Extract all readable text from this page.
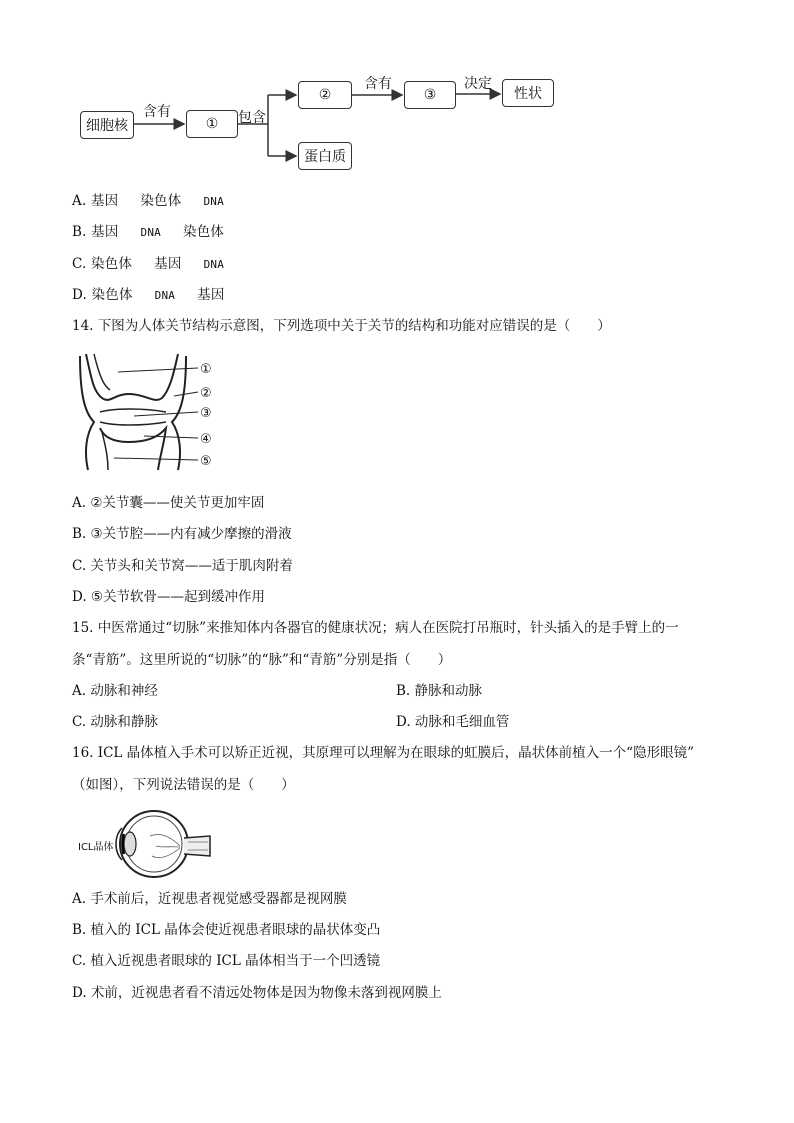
细胞核	①
②	③	性状
蛋白质
含有	包含
含有	决定
A. 基因 染色体 DNA
B. 基因 DNA 染色体
C. 染色体 基因 DNA
D. 染色体 DNA 基因
14. 下图为人体关节结构示意图，下列选项中关于关节的结构和功能对应错误的是（　　）
①
②
③
④
⑤
A. ②关节囊——使关节更加牢固
B. ③关节腔——内有减少摩擦的滑液
C. 关节头和关节窝——适于肌肉附着
D. ⑤关节软骨——起到缓冲作用
15. 中医常通过“切脉”来推知体内各器官的健康状况；病人在医院打吊瓶时，针头插入的是手臂上的一
条“青筋”。这里所说的“切脉”的“脉”和“青筋”分别是指（　　）
A. 动脉和神经	B. 静脉和动脉
C. 动脉和静脉	D. 动脉和毛细血管
16. ICL 晶体植入手术可以矫正近视，其原理可以理解为在眼球的虹膜后，晶状体前植入一个“隐形眼镜”
（如图），下列说法错误的是（　　）
ICL晶体
A. 手术前后，近视患者视觉感受器都是视网膜
B. 植入的 ICL 晶体会使近视患者眼球的晶状体变凸
C. 植入近视患者眼球的 ICL 晶体相当于一个凹透镜
D. 术前，近视患者看不清远处物体是因为物像未落到视网膜上
